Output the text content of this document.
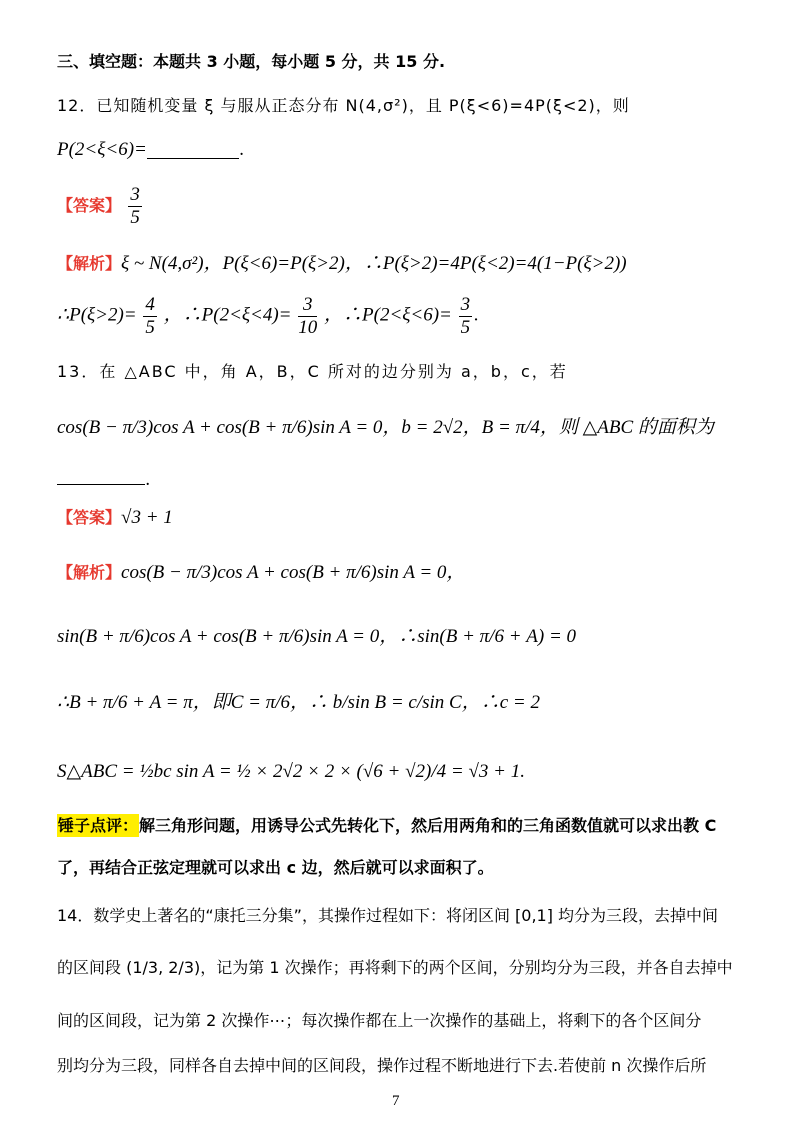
三、填空题：本题共 3 小题，每小题 5 分，共 15 分.
12．已知随机变量 ξ 与服从正态分布 N(4,σ²)，且 P(ξ<6)=4P(ξ<2)，则
P(2<ξ<6)=	.
【答案】 $\frac{3}{5}$
【解析】ξ ~ N(4,σ²)，P(ξ<6)=P(ξ>2)，∴P(ξ>2)=4P(ξ<2)=4(1−P(ξ>2))
∴P(ξ>2)= $\frac{4}{5}$ ，∴P(2<ξ<4)= $\frac{3}{10}$ ，∴P(2<ξ<6)= $\frac{3}{5}$ .
13．在 △ABC 中，角 A，B，C 所对的边分别为 a，b，c，若
cos(B − π/3)cos A + cos(B + π/6)sin A = 0，b = 2√2，B = π/4，则 △ABC 的面积为
.
【答案】√3 + 1
【解析】cos(B − π/3)cos A + cos(B + π/6)sin A = 0，
sin(B + π/6)cos A + cos(B + π/6)sin A = 0，∴sin(B + π/6 + A) = 0
∴B + π/6 + A = π，即C = π/6，∴ b/sin B = c/sin C，∴c = 2
S△ABC = ½bc sin A = ½ × 2√2 × 2 × (√6 + √2)/4 = √3 + 1.
锤子点评：解三角形问题，用诱导公式先转化下，然后用两角和的三角函数值就可以求出教 C
了，再结合正弦定理就可以求出 c 边，然后就可以求面积了。
14．数学史上著名的“康托三分集”，其操作过程如下：将闭区间 [0,1] 均分为三段，去掉中间
的区间段 (1/3, 2/3)，记为第 1 次操作；再将剩下的两个区间，分别均分为三段，并各自去掉中
间的区间段，记为第 2 次操作⋯；每次操作都在上一次操作的基础上，将剩下的各个区间分
别均分为三段，同样各自去掉中间的区间段，操作过程不断地进行下去.若使前 n 次操作后所
7
